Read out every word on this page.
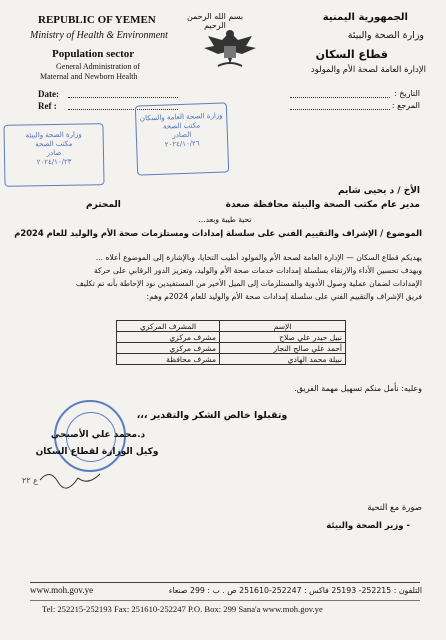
REPUBLIC OF YEMEN
Ministry of Health & Environment
Population sector
General Administration of
Maternal and Newborn Health
بسم الله الرحمن الرحيم
الجمهورية اليمنية
وزارة الصحة والبيئة
قطاع السكان
الإدارة العامة لصحة الأم والمولود
Date:
Ref :
التاريخ :
المرجع :
وزارة الصحة والبيئة
مكتب الصحة
صادر
٢٠٢٤/١٠/٢٣
وزارة الصحة العامة والسكان
مكتب الصحة
الصادر
٢٠٢٤/١٠/٢٦
الأخ / د يحيى شايم
مدير عام مكتب الصحة والبيئة محافظة صعدة
المحترم
تحية طيبة وبعد...
الموضوع / الإشراف والتقييم الفني على سلسلة إمدادات ومستلزمات صحة الأم والوليد للعام 2024م
يهديكم قطاع السكان — الإدارة العامة لصحة الأم والمولود أطيب التحايا، وبالإشارة إلى الموضوع أعلاه ...
وبهدف تحسين الأداء والارتقاء بسلسلة إمدادات خدمات صحة الأم والوليد، وتعزيز الدور الرقابي على حركة
الإمدادات لضمان عملية وصول الأدوية والمستلزمات إلى الميل الأخير من المستفيدين نود الإحاطة بأنه تم تكليف
فريق الإشراف والتقييم الفني على سلسلة إمدادات صحة الأم والوليد للعام 2024م وهم:
الإسم	المشرف المركزي
نبيل حيدر علي صلاح	مشرف مركزي
أحمد علي صالح النجار	مشرف مركزي
نبيلة محمد الهادي	مشرف محافظة
وعليه: نأمل منكم تسهيل مهمة الفريق.
وتقبلوا خالص الشكر والتقدير ،،،
د.محمد علي الأصبحي
وكيل الوزارة لقطاع السكان
ع ٢٢
صورة مع التحية
- وزير الصحة والبيئة
www.moh.gov.ye	التلفون : 252215- 25193 فاكس : 252247-251610 ص . ب : 299 صنعاء
Tel: 252215-252193 Fax: 251610-252247 P.O. Box: 299 Sana'a www.moh.gov.ye
